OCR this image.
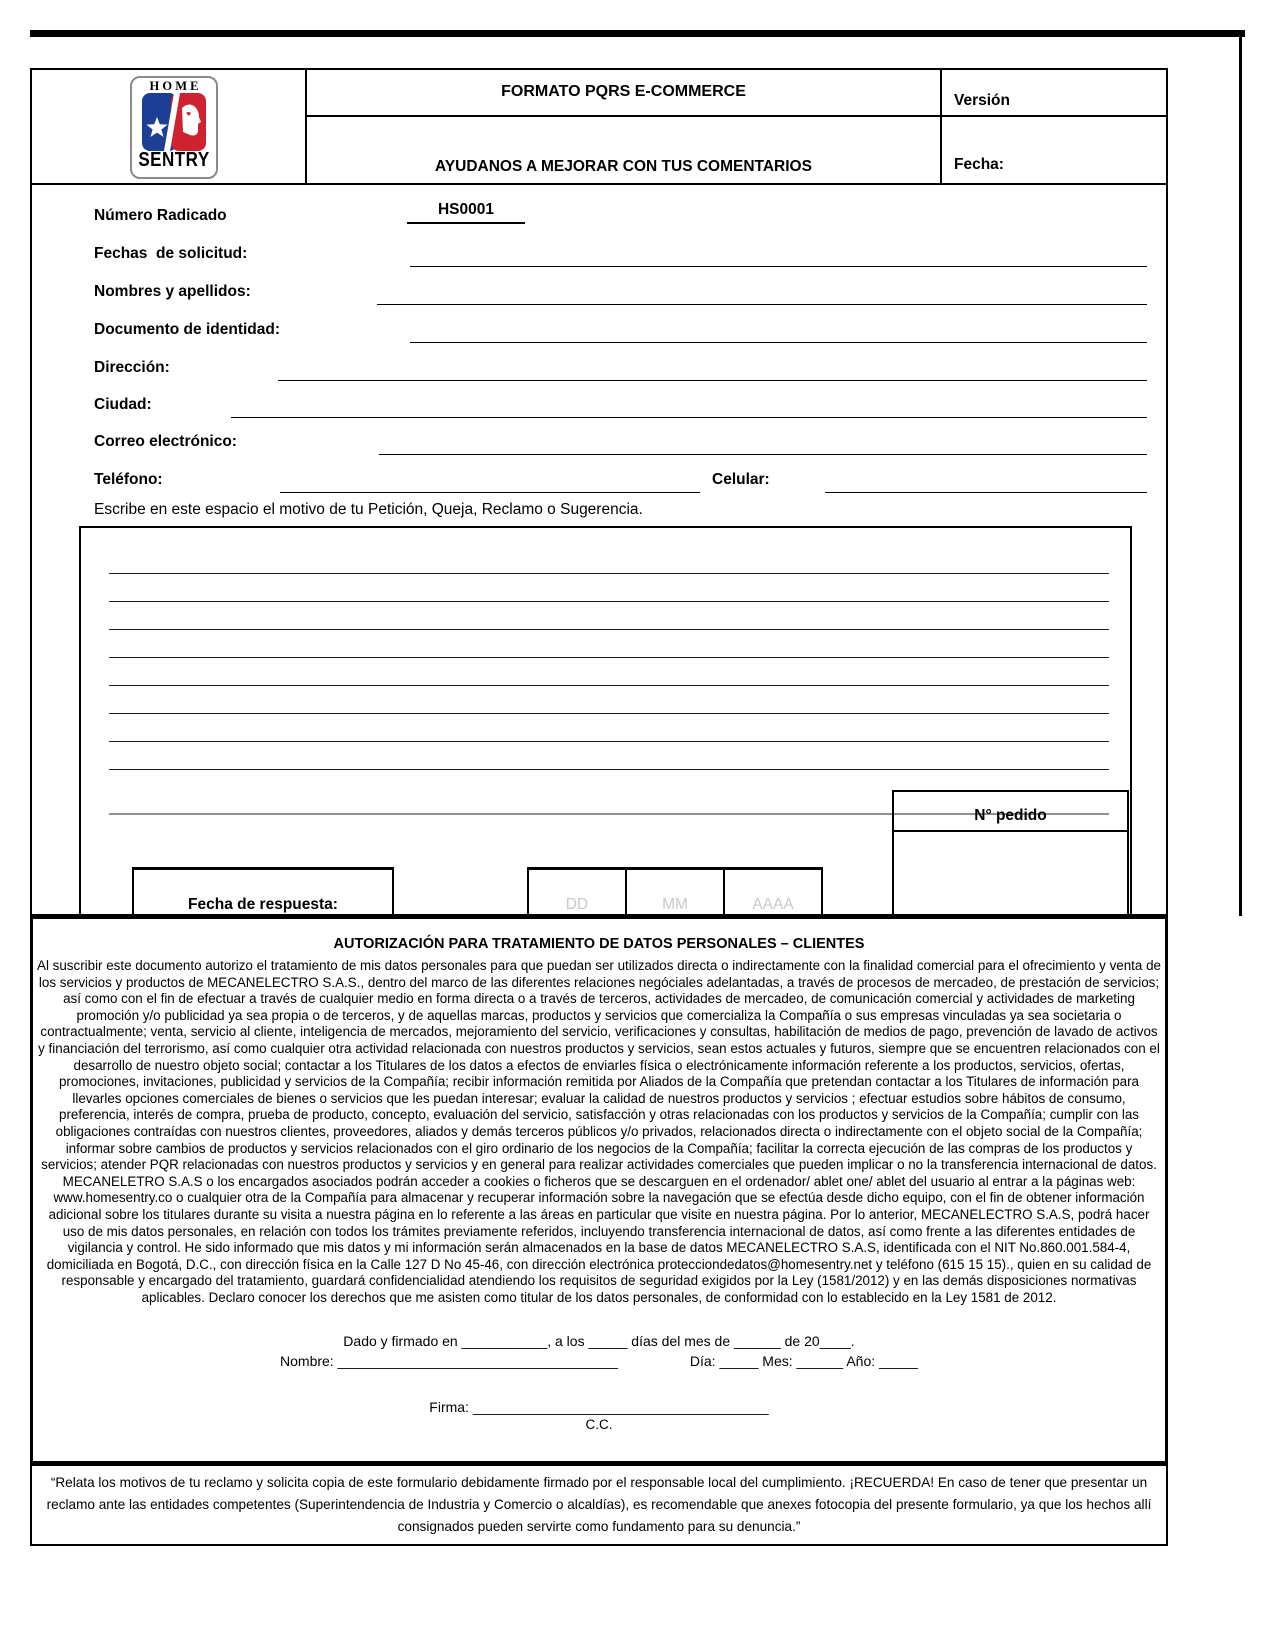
H O M E
SENTRY
FORMATO PQRS E-COMMERCE
AYUDANOS A MEJORAR CON TUS COMENTARIOS
Versión
Fecha:
Número Radicado	HS0001
Fechas  de solicitud:
Nombres y apellidos:
Documento de identidad:
Dirección:
Ciudad:
Correo electrónico:
Teléfono:	Celular:
Escribe en este espacio el motivo de tu Petición, Queja, Reclamo o Sugerencia.
N° pedido
Fecha de respuesta:	DD	MM	AAAA
AUTORIZACIÓN PARA TRATAMIENTO DE DATOS PERSONALES – CLIENTES
Al suscribir este documento autorizo el tratamiento de mis datos personales para que puedan ser utilizados directa o indirectamente con la finalidad comercial para el ofrecimiento y venta de los servicios y productos de MECANELECTRO S.A.S., dentro del marco de las diferentes relaciones negóciales adelantadas, a través de procesos de mercadeo, de prestación de servicios; así como con el fin de efectuar a través de cualquier medio en forma directa o a través de terceros, actividades de mercadeo, de comunicación comercial y actividades de marketing promoción y/o publicidad ya sea propia o de terceros, y de aquellas marcas, productos y servicios que comercializa la Compañía o sus empresas vinculadas ya sea societaria o contractualmente; venta, servicio al cliente, inteligencia de mercados, mejoramiento del servicio, verificaciones y consultas, habilitación de medios de pago, prevención de lavado de activos y financiación del terrorismo, así como cualquier otra actividad relacionada con nuestros productos y servicios, sean estos actuales y futuros, siempre que se encuentren relacionados con el desarrollo de nuestro objeto social; contactar a los Titulares de los datos a efectos de enviarles física o electrónicamente información referente a los productos, servicios, ofertas, promociones, invitaciones, publicidad y servicios de la Compañía; recibir información remitida por Aliados de la Compañía que pretendan contactar a los Titulares de información para llevarles opciones comerciales de bienes o servicios que les puedan interesar; evaluar la calidad de nuestros productos y servicios ; efectuar estudios sobre hábitos de consumo, preferencia, interés de compra, prueba de producto, concepto, evaluación del servicio, satisfacción y otras relacionadas con los productos y servicios de la Compañía; cumplir con las obligaciones contraídas con nuestros clientes, proveedores, aliados y demás terceros públicos y/o privados, relacionados directa o indirectamente con el objeto social de la Compañía; informar sobre cambios de productos y servicios relacionados con el giro ordinario de los negocios de la Compañía; facilitar la correcta ejecución de las compras de los productos y servicios; atender PQR relacionadas con nuestros productos y servicios y en general para realizar actividades comerciales que pueden implicar o no la transferencia internacional de datos. MECANELETRO S.A.S o los encargados asociados podrán acceder a cookies o ficheros que se descarguen en el ordenador/ ablet one/ ablet del usuario al entrar a la páginas web: www.homesentry.co o cualquier otra de la Compañía para almacenar y recuperar información sobre la navegación que se efectúa desde dicho equipo, con el fin de obtener información adicional sobre los titulares durante su visita a nuestra página en lo referente a las áreas en particular que visite en nuestra página. Por lo anterior, MECANELECTRO S.A.S, podrá hacer uso de mis datos personales, en relación con todos los trámites previamente referidos, incluyendo transferencia internacional de datos, así como frente a las diferentes entidades de vigilancia y control. He sido informado que mis datos y mi información serán almacenados en la base de datos MECANELECTRO S.A.S, identificada con el NIT No.860.001.584-4, domiciliada en Bogotá, D.C., con dirección física en la Calle 127 D No 45-46, con dirección electrónica protecciondedatos@homesentry.net y teléfono (615 15 15)., quien en su calidad de responsable y encargado del tratamiento, guardará confidencialidad atendiendo los requisitos de seguridad exigidos por la Ley (1581/2012) y en las demás disposiciones normativas aplicables. Declaro conocer los derechos que me asisten como titular de los datos personales, de conformidad con lo establecido en la Ley 1581 de 2012.
Dado y firmado en ___________, a los _____ días del mes de ______ de 20____.
Nombre: ____________________________________	Día: _____ Mes: ______ Año: _____
Firma: ______________________________________
C.C.
“Relata los motivos de tu reclamo y solicita copia de este formulario debidamente firmado por el responsable local del cumplimiento. ¡RECUERDA! En caso de tener que presentar un reclamo ante las entidades competentes (Superintendencia de Industria y Comercio o alcaldías), es recomendable que anexes fotocopia del presente formulario, ya que los hechos allí consignados pueden servirte como fundamento para su denuncia.”
